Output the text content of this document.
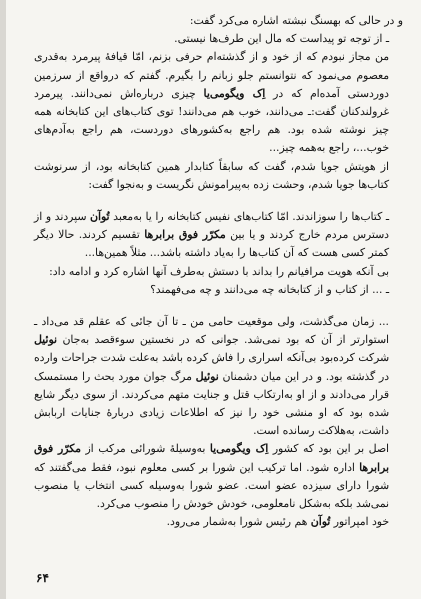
و در حالی که بهسنگ نبشته اشاره می‌کرد گفت:

ـ از توجه تو پیداست که مال این طرف‌ها نیستی.

من مجاز نبودم که از خود و از گذشته‌ام حرفی بزنم، امّا قیافهٔ پیرمرد به‌قدری معصوم می‌نمود که نتوانستم جلو زبانم را بگیرم. گفتم که درواقع از سرزمین دوردستی آمده‌ام که در اِک ویگومی‌یا چیزی درباره‌اش نمی‌دانند. پیرمرد غرولندکنان گفت:ـ می‌دانند، خوب هم می‌دانند! توی کتاب‌های این کتابخانه همه چیز نوشته شده بود. هم راجع به‌کشورهای دوردست، هم راجع به‌آدم‌های خوب...، راجع به‌همه چیز...

از هویتش جویا شدم، گفت که سابقاً کتابدار همین کتابخانه بود، از سرنوشت کتاب‌ها جویا شدم، وحشت زده به‌پیرامونش نگریست و به‌نجوا گفت:

ـ کتاب‌ها را سوزاندند. امّا کتاب‌های نفیس کتابخانه را یا به‌معبد تُوآن سپردند و از دسترس مردم خارج کردند و یا بین مکرّر فوق برابرها تقسیم کردند. حالا دیگر کمتر کسی هست که آن کتاب‌ها را به‌یاد داشته باشد... مثلاً همین‌ها...

بی آنکه هویت مرافیانم را بداند با دستش به‌طرف آنها اشاره کرد و ادامه داد:

ـ ... از کتاب و از کتابخانه چه می‌دانند و چه می‌فهمند؟

... زمان می‌گذشت، ولی موقعیت حامی من ـ تا آن جائی که عقلم قد می‌داد ـ استوارتر از آن که بود نمی‌شد. جوانی که در نخستین سوءقصد به‌جان نوئیل شرکت کرده‌بود بی‌آنکه اسراری را فاش کرده باشد به‌علت شدت جراحات وارده در گذشته بود. و در این میان دشمنان نوئیل مرگ جوان مورد بحث را مستمسک قرار می‌دادند و از او به‌ارتکاب قتل و جنایت متهم می‌کردند. از سوی دیگر شایع شده بود که او منشی خود را نیز که اطلاعات زیادی دربارهٔ جنایات اربابش داشت، به‌هلاکت رسانده است.

اصل بر این بود که کشور اِک ویگومی‌یا به‌وسیلهٔ شورائی مرکب از مکرّر فوق برابرها اداره شود. اما ترکیب این شورا بر کسی معلوم نبود، فقط می‌گفتند که شورا دارای سیزده عضو است. عضو شورا به‌وسیله کسی انتخاب یا منصوب نمی‌شد بلکه به‌شکل نامعلومی، خودش خودش را منصوب می‌کرد.

خود امپراتور تُوآن هم رئیس شورا به‌شمار می‌رود.

۶۴
